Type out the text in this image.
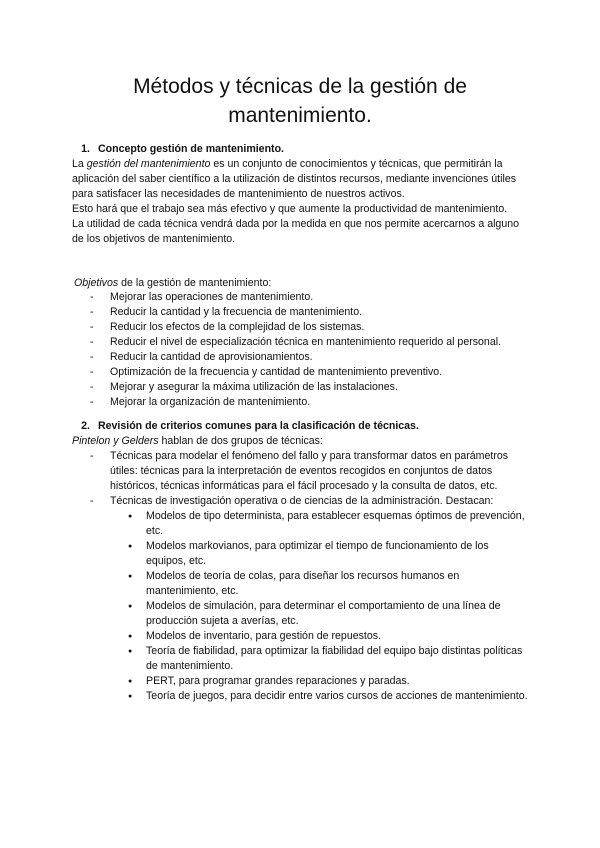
Métodos y técnicas de la gestión de mantenimiento.
1. Concepto gestión de mantenimiento.

La gestión del mantenimiento es un conjunto de conocimientos y técnicas, que permitirán la aplicación del saber científico a la utilización de distintos recursos, mediante invenciones útiles para satisfacer las necesidades de mantenimiento de nuestros activos.

Esto hará que el trabajo sea más efectivo y que aumente la productividad de mantenimiento.

La utilidad de cada técnica vendrá dada por la medida en que nos permite acercarnos a alguno de los objetivos de mantenimiento.

Objetivos de la gestión de mantenimiento:

- Mejorar las operaciones de mantenimiento.
- Reducir la cantidad y la frecuencia de mantenimiento.
- Reducir los efectos de la complejidad de los sistemas.
- Reducir el nivel de especialización técnica en mantenimiento requerido al personal.
- Reducir la cantidad de aprovisionamientos.
- Optimización de la frecuencia y cantidad de mantenimiento preventivo.
- Mejorar y asegurar la máxima utilización de las instalaciones.
- Mejorar la organización de mantenimiento.
2. Revisión de criterios comunes para la clasificación de técnicas.

Pintelon y Gelders hablan de dos grupos de técnicas:

- Técnicas para modelar el fenómeno del fallo y para transformar datos en parámetros útiles: técnicas para la interpretación de eventos recogidos en conjuntos de datos históricos, técnicas informáticas para el fácil procesado y la consulta de datos, etc.
- Técnicas de investigación operativa o de ciencias de la administración. Destacan:
● Modelos de tipo determinista, para establecer esquemas óptimos de prevención, etc.
● Modelos markovianos, para optimizar el tiempo de funcionamiento de los equipos, etc.
● Modelos de teoría de colas, para diseñar los recursos humanos en mantenimiento, etc.
● Modelos de simulación, para determinar el comportamiento de una línea de producción sujeta a averías, etc.
● Modelos de inventario, para gestión de repuestos.
● Teoría de fiabilidad, para optimizar la fiabilidad del equipo bajo distintas políticas de mantenimiento.
● PERT, para programar grandes reparaciones y paradas.
● Teoría de juegos, para decidir entre varios cursos de acciones de mantenimiento.
